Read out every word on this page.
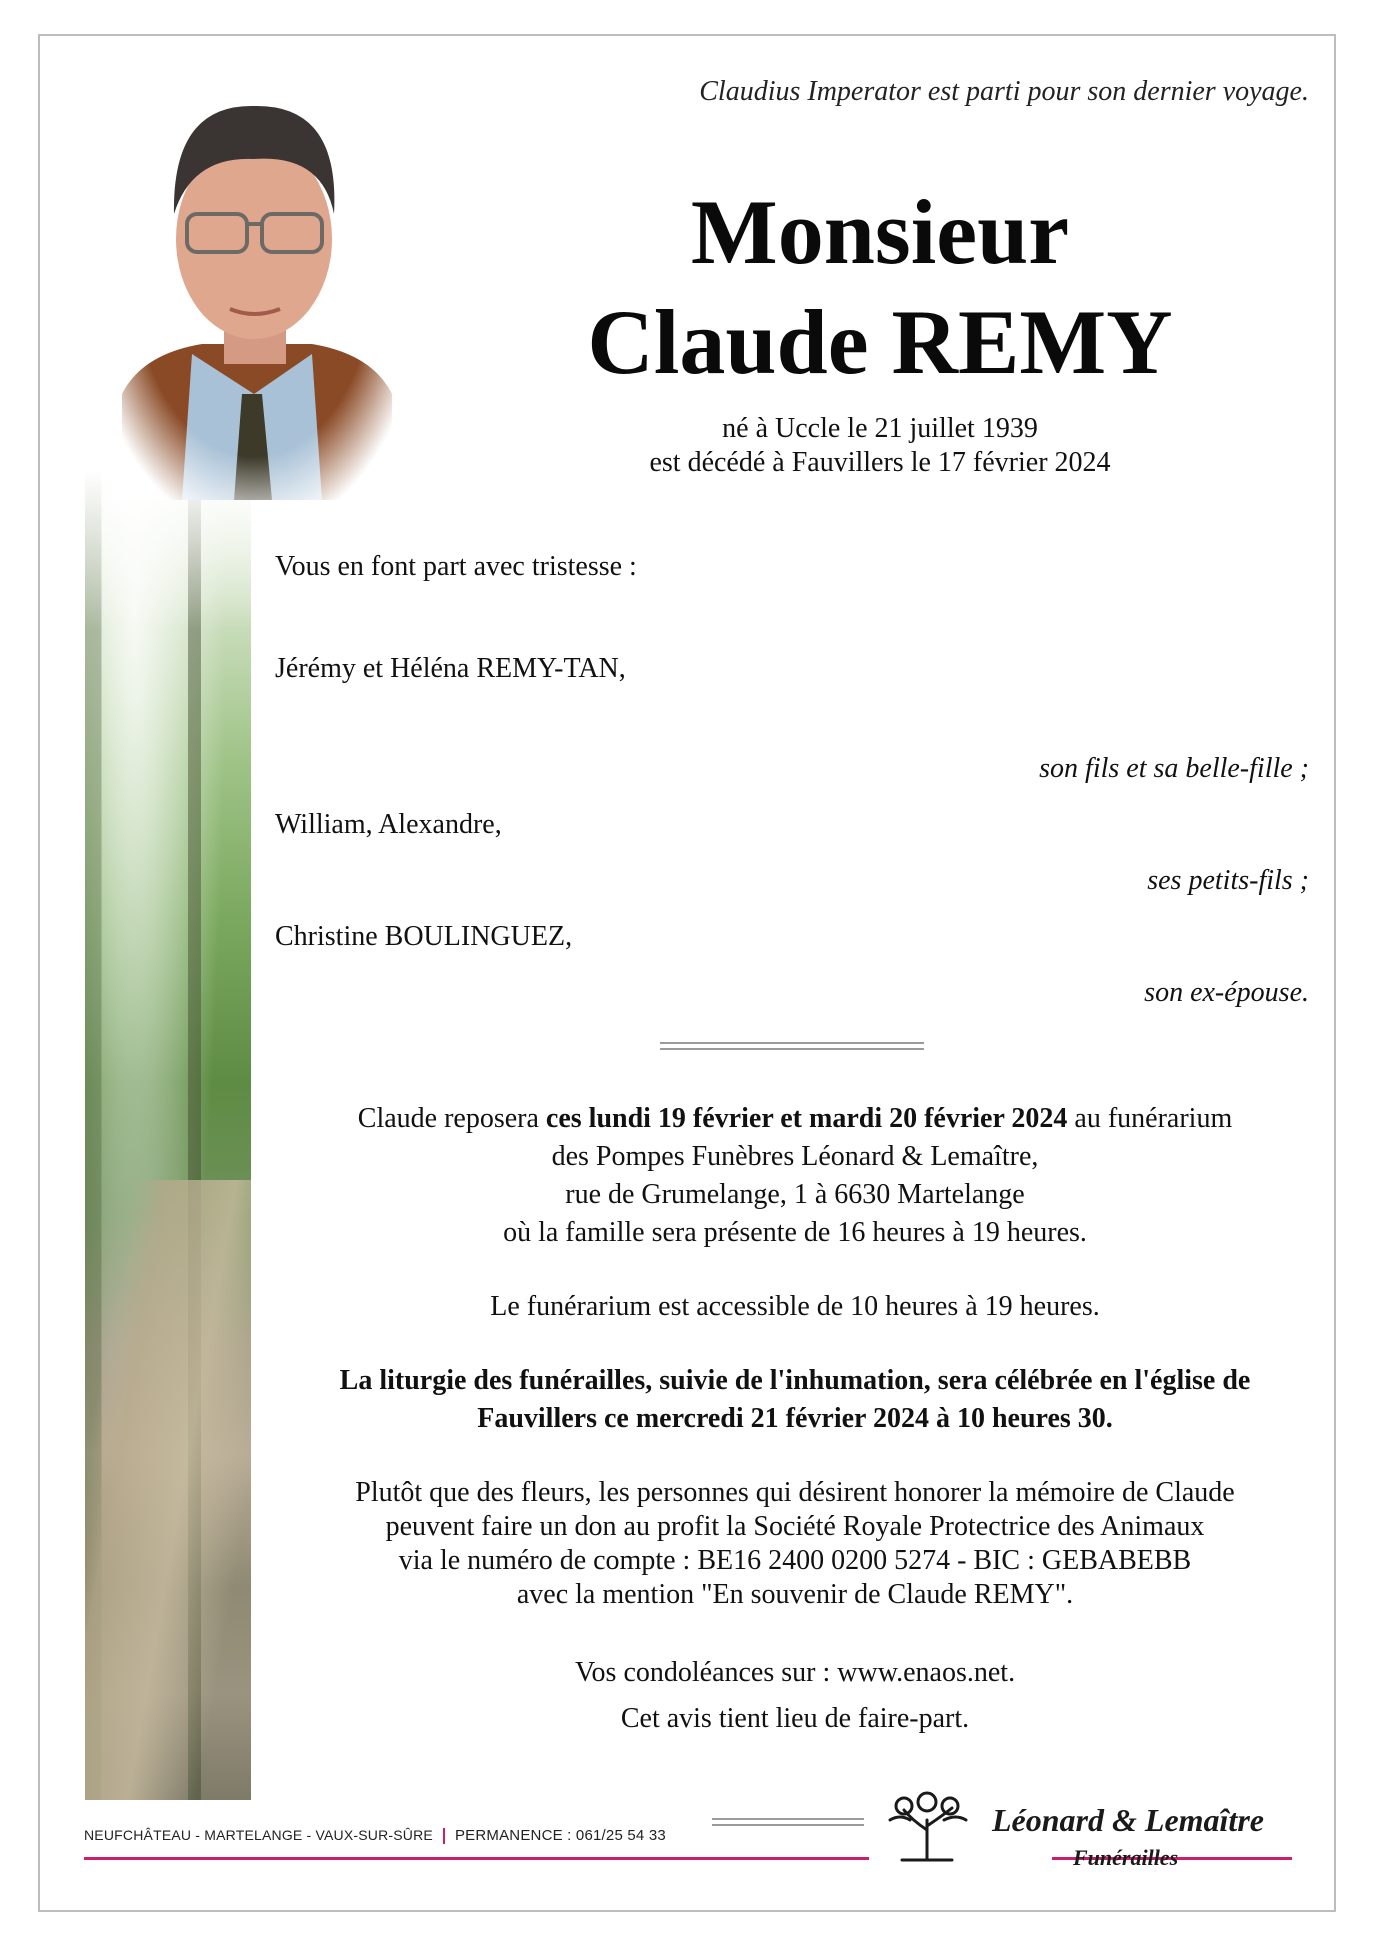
Claudius Imperator est parti pour son dernier voyage.
Monsieur
Claude REMY
né à Uccle le 21 juillet 1939
est décédé à Fauvillers le 17 février 2024
Vous en font part avec tristesse :
Jérémy et Héléna REMY-TAN,
son fils et sa belle-fille ;
William, Alexandre,
ses petits-fils ;
Christine BOULINGUEZ,
son ex-épouse.
Claude reposera ces lundi 19 février et mardi 20 février 2024 au funérarium
des Pompes Funèbres Léonard & Lemaître,
rue de Grumelange, 1 à 6630 Martelange
où la famille sera présente de 16 heures à 19 heures.
Le funérarium est accessible de 10 heures à 19 heures.
La liturgie des funérailles, suivie de l'inhumation, sera célébrée en l'église de
Fauvillers ce mercredi 21 février 2024 à 10 heures 30.
Plutôt que des fleurs, les personnes qui désirent honorer la mémoire de Claude
peuvent faire un don au profit la Société Royale Protectrice des Animaux
via le numéro de compte : BE16 2400 0200 5274 - BIC : GEBABEBB
avec la mention "En souvenir de Claude REMY".
Vos condoléances sur : www.enaos.net.
Cet avis tient lieu de faire-part.
NEUFCHÂTEAU - MARTELANGE - VAUX-SUR-SÛRE PERMANENCE : 061/25 54 33	Léonard & Lemaître
Funérailles
